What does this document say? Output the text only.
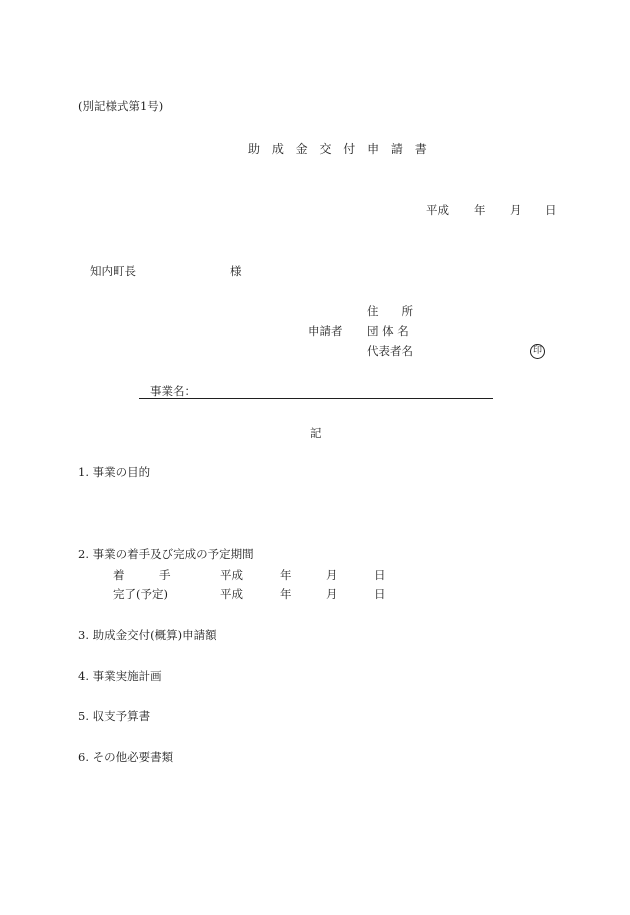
(別記様式第1号)
助 成 金 交 付 申 請 書
平成 年 月 日
知内町長	様
住　　所
申請者 団 体 名
代表者名	印
事業名：
記
1. 事業の目的
2. 事業の着手及び完成の予定期間
着　　　手	平成	年	月	日
完了(予定)	平成	年	月	日
3. 助成金交付(概算)申請額
4. 事業実施計画
5. 収支予算書
6. その他必要書類
